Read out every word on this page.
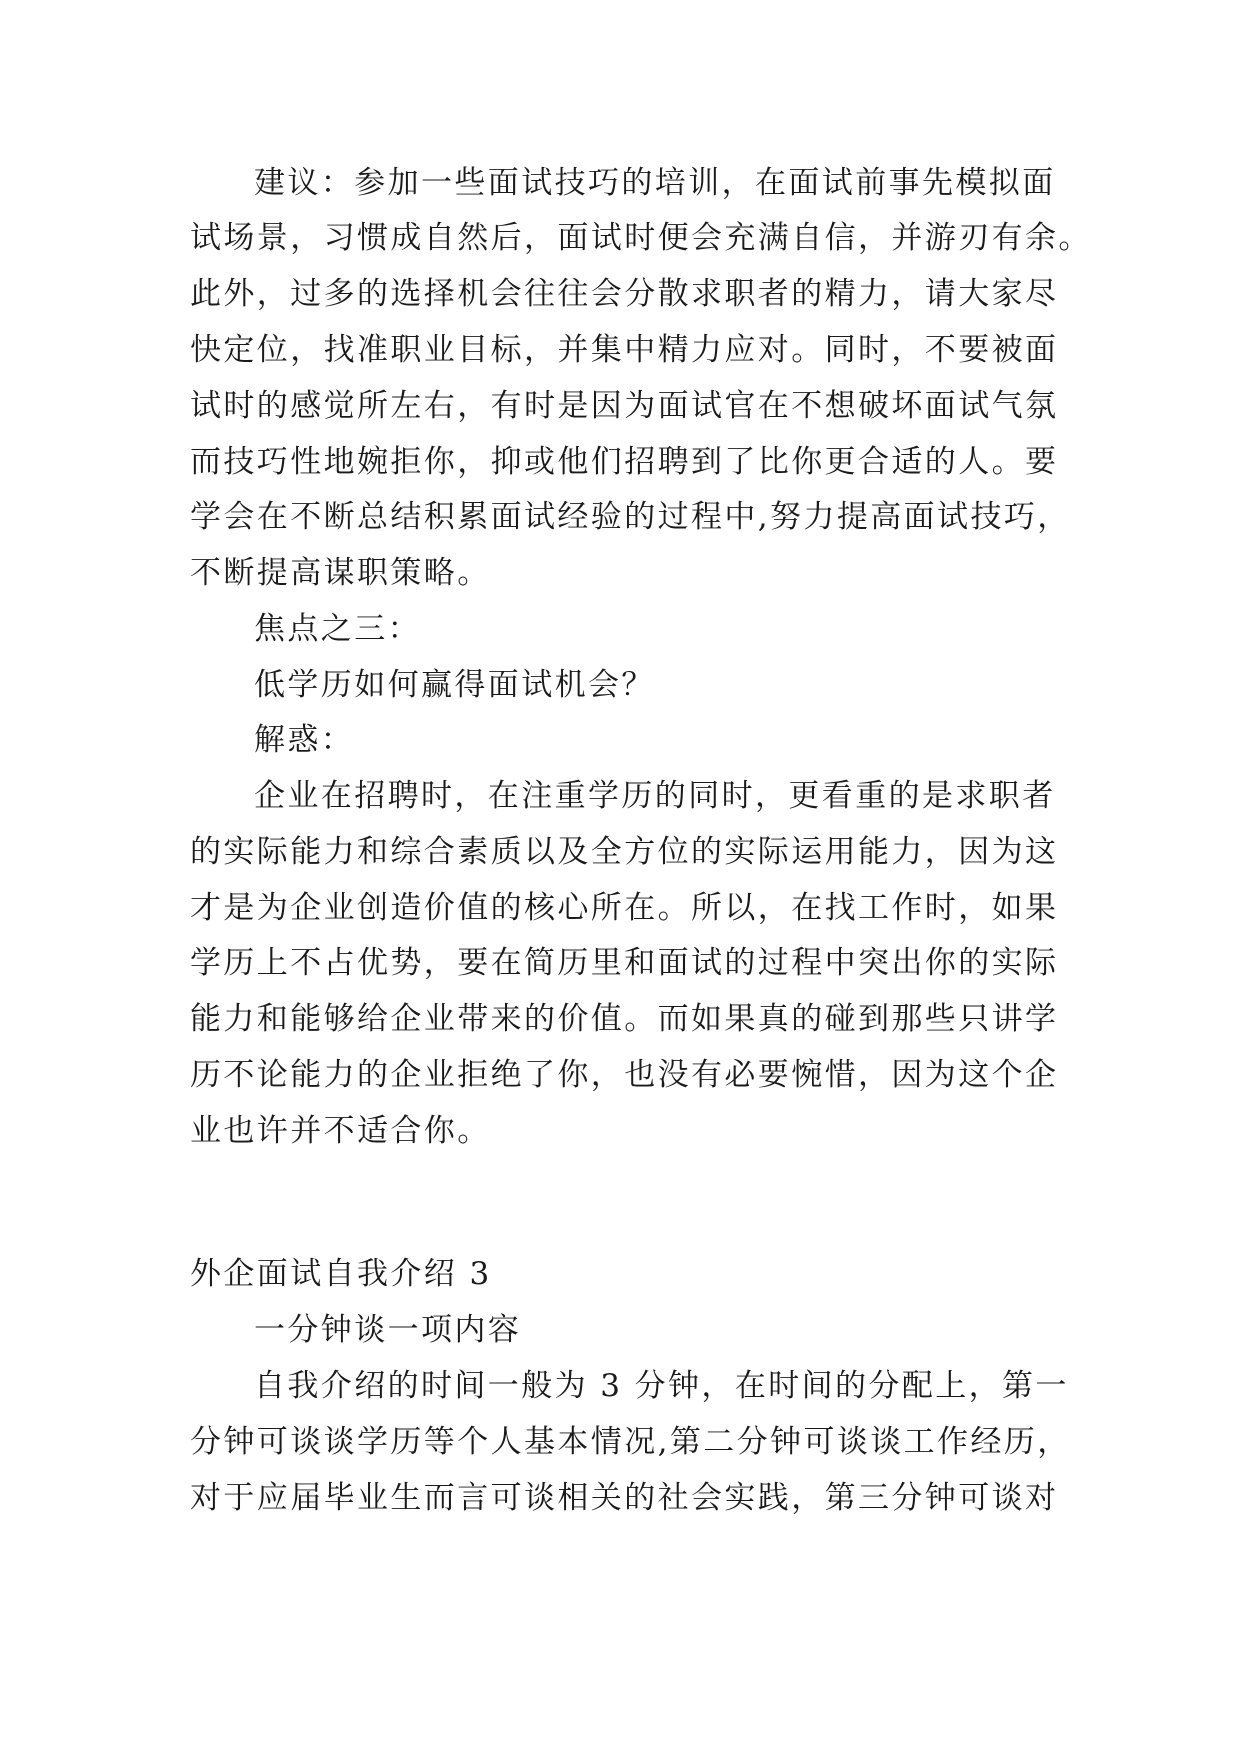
建议：参加一些面试技巧的培训，在面试前事先模拟面
试场景，习惯成自然后，面试时便会充满自信，并游刃有余。
此外，过多的选择机会往往会分散求职者的精力，请大家尽
快定位，找准职业目标，并集中精力应对。同时，不要被面
试时的感觉所左右，有时是因为面试官在不想破坏面试气氛
而技巧性地婉拒你，抑或他们招聘到了比你更合适的人。要
学会在不断总结积累面试经验的过程中,努力提高面试技巧，
不断提高谋职策略。
焦点之三：
低学历如何赢得面试机会？
解惑：
企业在招聘时，在注重学历的同时，更看重的是求职者
的实际能力和综合素质以及全方位的实际运用能力，因为这
才是为企业创造价值的核心所在。所以，在找工作时，如果
学历上不占优势，要在简历里和面试的过程中突出你的实际
能力和能够给企业带来的价值。而如果真的碰到那些只讲学
历不论能力的企业拒绝了你，也没有必要惋惜，因为这个企
业也许并不适合你。
外企面试自我介绍 3
一分钟谈一项内容
自我介绍的时间一般为 3 分钟，在时间的分配上，第一
分钟可谈谈学历等个人基本情况,第二分钟可谈谈工作经历，
对于应届毕业生而言可谈相关的社会实践，第三分钟可谈对
